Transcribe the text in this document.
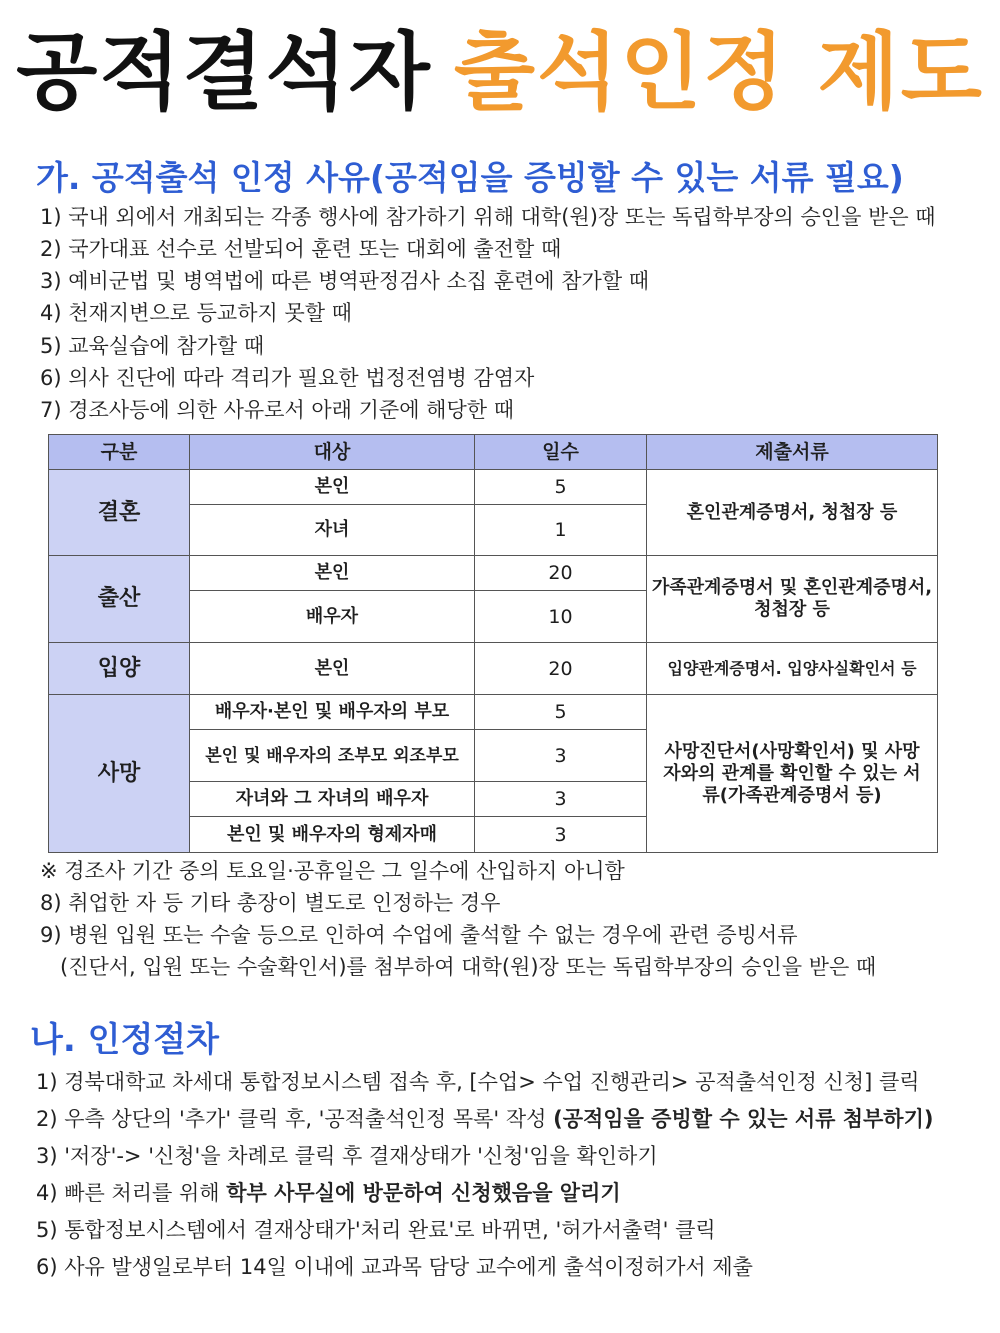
공적결석자 출석인정 제도
가. 공적출석 인정 사유(공적임을 증빙할 수 있는 서류 필요)
1) 국내 외에서 개최되는 각종 행사에 참가하기 위해 대학(원)장 또는 독립학부장의 승인을 받은 때
2) 국가대표 선수로 선발되어 훈련 또는 대회에 출전할 때
3) 예비군법 및 병역법에 따른 병역판정검사 소집 훈련에 참가할 때
4) 천재지변으로 등교하지 못할 때
5) 교육실습에 참가할 때
6) 의사 진단에 따라 격리가 필요한 법정전염병 감염자
7) 경조사등에 의한 사유로서 아래 기준에 해당한 때
구분	대상	일수	제출서류
결혼	본인	5	혼인관계증명서, 청첩장 등
	자녀	1	
출산	본인	20	가족관계증명서 및 혼인관계증명서, 청첩장 등
	배우자	10	
입양	본인	20	입양관계증명서. 입양사실확인서 등
사망	배우자·본인 및 배우자의 부모	5	사망진단서(사망확인서) 및 사망자와의 관계를 확인할 수 있는 서류(가족관계증명서 등)
	본인 및 배우자의 조부모 외조부모	3	
	자녀와 그 자녀의 배우자	3	
	본인 및 배우자의 형제자매	3	
※ 경조사 기간 중의 토요일·공휴일은 그 일수에 산입하지 아니함
8) 취업한 자 등 기타 총장이 별도로 인정하는 경우
9) 병원 입원 또는 수술 등으로 인하여 수업에 출석할 수 없는 경우에 관련 증빙서류
(진단서, 입원 또는 수술확인서)를 첨부하여 대학(원)장 또는 독립학부장의 승인을 받은 때
나. 인정절차
1) 경북대학교 차세대 통합정보시스템 접속 후, [수업> 수업 진행관리> 공적출석인정 신청] 클릭
2) 우측 상단의 '추가' 클릭 후, '공적출석인정 목록' 작성 (공적임을 증빙할 수 있는 서류 첨부하기)
3) '저장'-> '신청'을 차례로 클릭 후 결재상태가 '신청'임을 확인하기
4) 빠른 처리를 위해 학부 사무실에 방문하여 신청했음을 알리기
5) 통합정보시스템에서 결재상태가'처리 완료'로 바뀌면, '허가서출력' 클릭
6) 사유 발생일로부터 14일 이내에 교과목 담당 교수에게 출석이정허가서 제출
